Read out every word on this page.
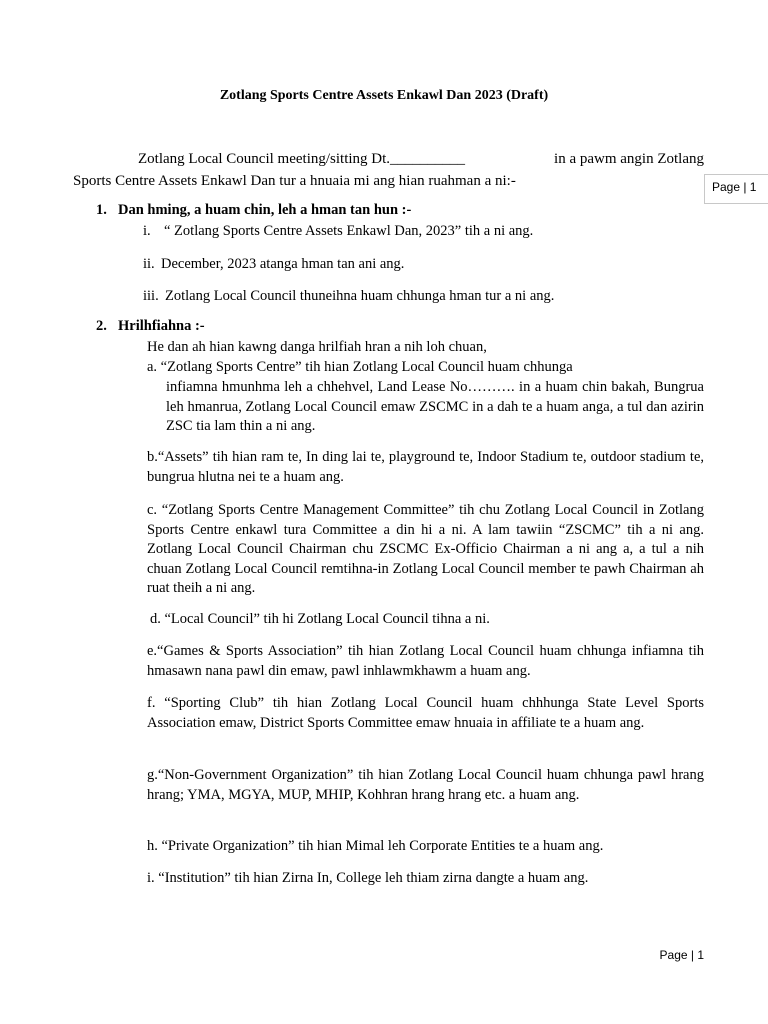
Zotlang Sports Centre Assets Enkawl Dan 2023 (Draft)
Zotlang Local Council meeting/sitting Dt.__________	in a pawm angin Zotlang
Sports Centre Assets Enkawl Dan tur a hnuaia mi ang hian ruahman a ni:-	Page | 1
1. Dan hming, a huam chin, leh a hman tan hun :-
i. “ Zotlang Sports Centre Assets Enkawl Dan, 2023” tih a ni ang.
ii. December, 2023 atanga hman tan ani ang.
iii. Zotlang Local Council thuneihna huam chhunga hman tur a ni ang.
2. Hrilhfiahna :-
He dan ah hian kawng danga hrilfiah hran a nih loh chuan,
a. “Zotlang Sports Centre” tih hian Zotlang Local Council huam chhunga
infiamna hmunhma leh a chhehvel, Land Lease No………. in a huam chin bakah, Bungrua leh hmanrua, Zotlang Local Council emaw ZSCMC in a dah te a huam anga, a tul dan azirin ZSC tia lam thin a ni ang.
b.“Assets” tih hian ram te, In ding lai te, playground te, Indoor Stadium te, outdoor stadium te, bungrua hlutna nei te a huam ang.
c. “Zotlang Sports Centre Management Committee” tih chu Zotlang Local Council in Zotlang Sports Centre enkawl tura Committee a din hi a ni. A lam tawiin “ZSCMC” tih a ni ang. Zotlang Local Council Chairman chu ZSCMC Ex-Officio Chairman a ni ang a, a tul a nih chuan Zotlang Local Council remtihna-in Zotlang Local Council member te pawh Chairman ah ruat theih a ni ang.
d. “Local Council” tih hi Zotlang Local Council tihna a ni.
e.“Games & Sports Association” tih hian Zotlang Local Council huam chhunga infiamna tih hmasawn nana pawl din emaw, pawl inhlawmkhawm a huam ang.
f. “Sporting Club” tih hian Zotlang Local Council huam chhhunga State Level Sports Association emaw, District Sports Committee emaw hnuaia in affiliate te a huam ang.
g.“Non-Government Organization” tih hian Zotlang Local Council huam chhunga pawl hrang hrang; YMA, MGYA, MUP, MHIP, Kohhran hrang hrang etc. a huam ang.
h. “Private Organization” tih hian Mimal leh Corporate Entities te a huam ang.
i. “Institution” tih hian Zirna In, College leh thiam zirna dangte a huam ang.
Page | 1
